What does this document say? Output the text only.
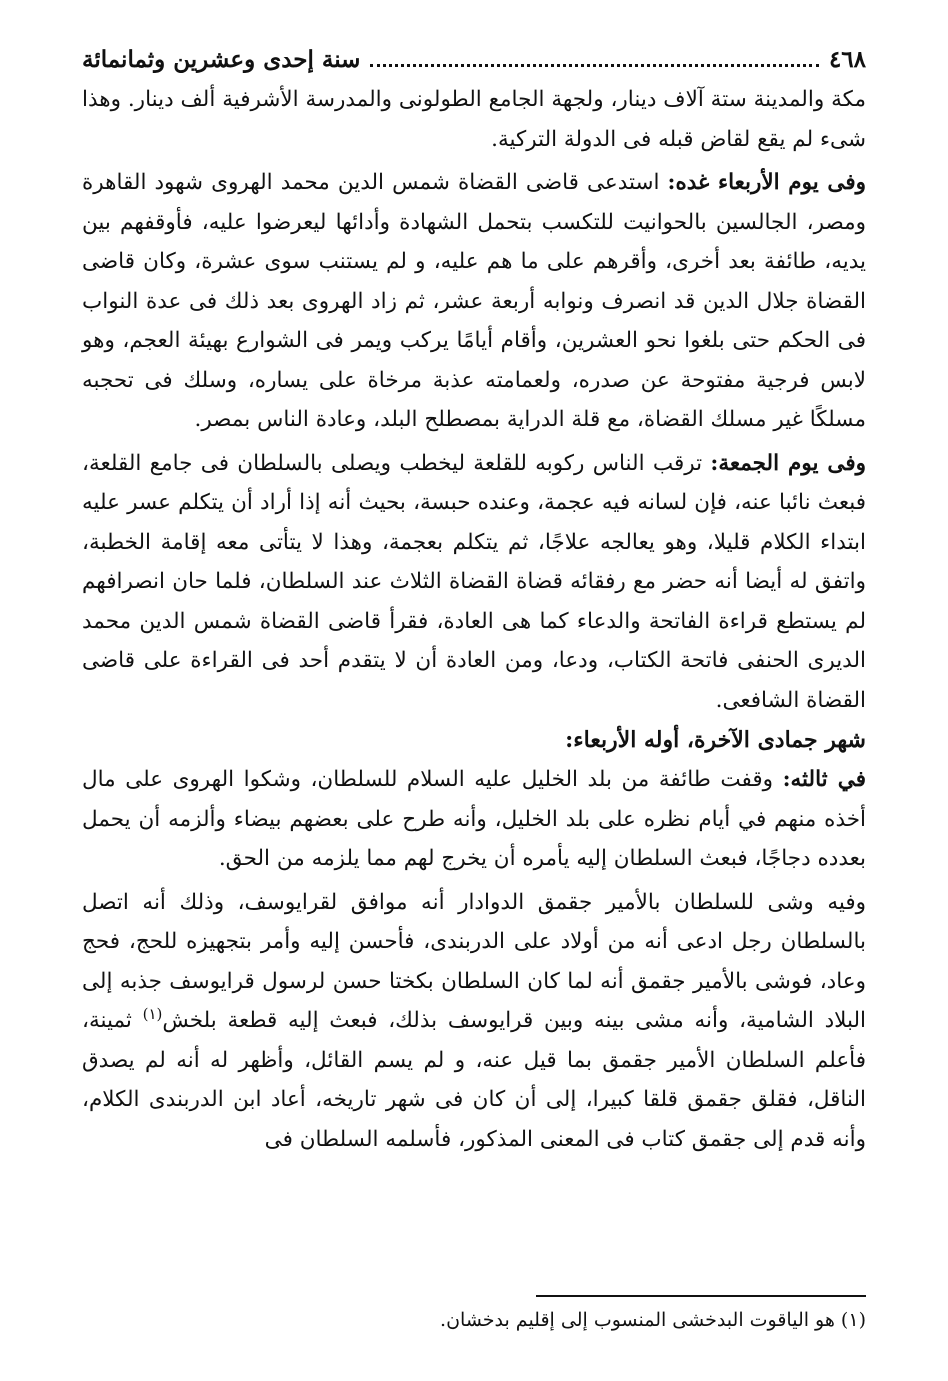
٤٦٨
سنة إحدى وعشرين وثمانمائة

مكة والمدينة ستة آلاف دينار، ولجهة الجامع الطولونى والمدرسة الأشرفية ألف دينار. وهذا شىء لم يقع لقاض قبله فى الدولة التركية.

وفى يوم الأربعاء غده: استدعى قاضى القضاة شمس الدين محمد الهروى شهود القاهرة ومصر، الجالسين بالحوانيت للتكسب بتحمل الشهادة وأدائها ليعرضوا عليه، فأوقفهم بين يديه، طائفة بعد أخرى، وأقرهم على ما هم عليه، و لم يستنب سوى عشرة، وكان قاضى القضاة جلال الدين قد انصرف ونوابه أربعة عشر، ثم زاد الهروى بعد ذلك فى عدة النواب فى الحكم حتى بلغوا نحو العشرين، وأقام أيامًا يركب ويمر فى الشوارع بهيئة العجم، وهو لابس فرجية مفتوحة عن صدره، ولعمامته عذبة مرخاة على يساره، وسلك فى تحجبه مسلكًا غير مسلك القضاة، مع قلة الدراية بمصطلح البلد، وعادة الناس بمصر.

وفى يوم الجمعة: ترقب الناس ركوبه للقلعة ليخطب ويصلى بالسلطان فى جامع القلعة، فبعث نائبا عنه، فإن لسانه فيه عجمة، وعنده حبسة، بحيث أنه إذا أراد أن يتكلم عسر عليه ابتداء الكلام قليلا، وهو يعالجه علاجًا، ثم يتكلم بعجمة، وهذا لا يتأتى معه إقامة الخطبة، واتفق له أيضا أنه حضر مع رفقائه قضاة القضاة الثلاث عند السلطان، فلما حان انصرافهم لم يستطع قراءة الفاتحة والدعاء كما هى العادة، فقرأ قاضى القضاة شمس الدين محمد الديرى الحنفى فاتحة الكتاب، ودعا، ومن العادة أن لا يتقدم أحد فى القراءة على قاضى القضاة الشافعى.

شهر جمادى الآخرة، أوله الأربعاء:

في ثالثه: وقفت طائفة من بلد الخليل عليه السلام للسلطان، وشكوا الهروى على مال أخذه منهم في أيام نظره على بلد الخليل، وأنه طرح على بعضهم بيضاء وألزمه أن يحمل بعدده دجاجًا، فبعث السلطان إليه يأمره أن يخرج لهم مما يلزمه من الحق.

وفيه وشى للسلطان بالأمير جقمق الدوادار أنه موافق لقرايوسف، وذلك أنه اتصل بالسلطان رجل ادعى أنه من أولاد على الدربندى، فأحسن إليه وأمر بتجهيزه للحج، فحج وعاد، فوشى بالأمير جقمق أنه لما كان السلطان بكختا حسن لرسول قرايوسف جذبه إلى البلاد الشامية، وأنه مشى بينه وبين قرايوسف بذلك، فبعث إليه قطعة بلخش$^{(١)}$ ثمينة، فأعلم السلطان الأمير جقمق بما قيل عنه، و لم يسم القائل، وأظهر له أنه لم يصدق الناقل، فقلق جقمق قلقا كبيرا، إلى أن كان فى شهر تاريخه، أعاد ابن الدربندى الكلام، وأنه قدم إلى جقمق كتاب فى المعنى المذكور، فأسلمه السلطان فى

(١) هو الياقوت البدخشى المنسوب إلى إقليم بدخشان.
